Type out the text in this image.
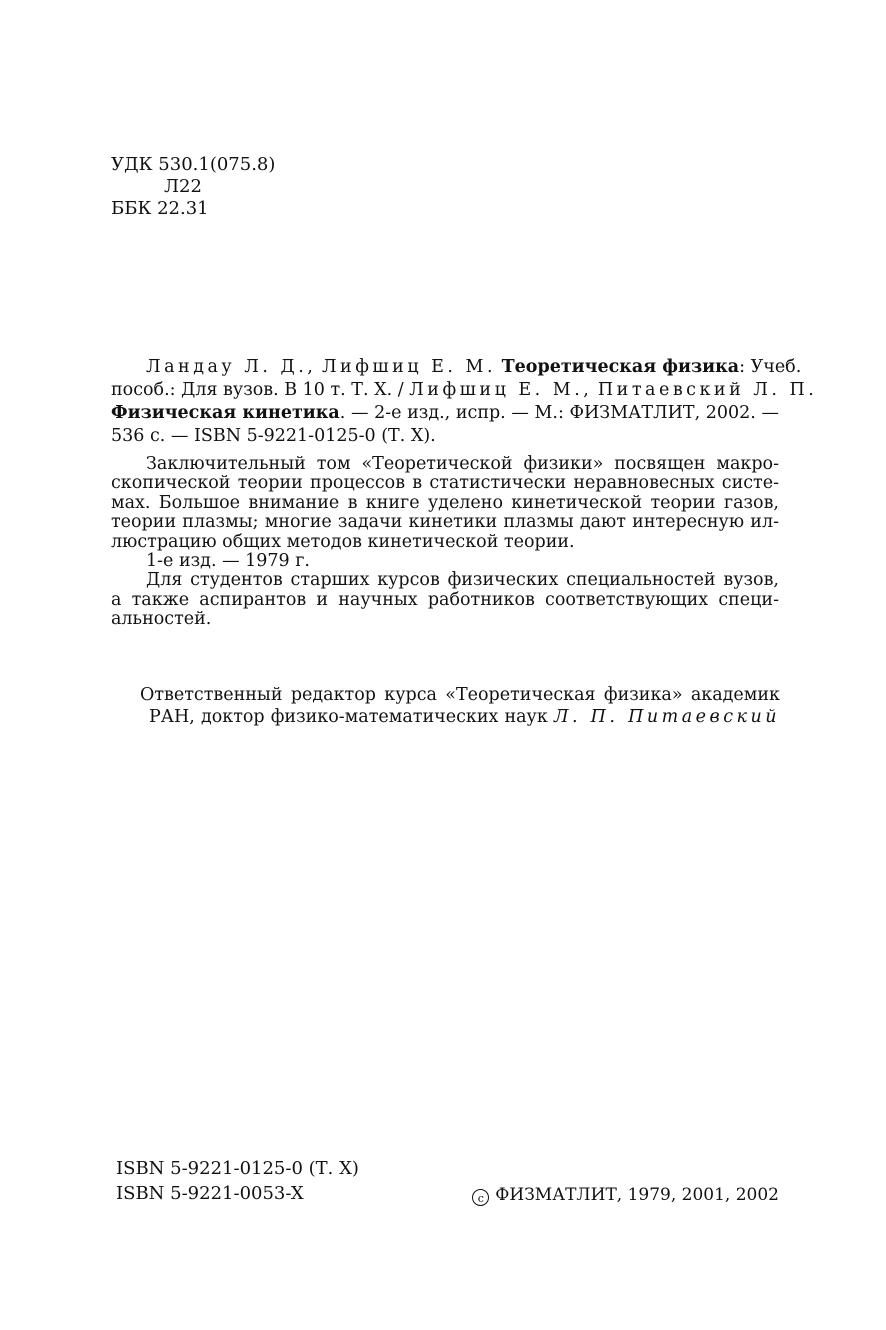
УДК 530.1(075.8)
Л22
ББК 22.31
Ландау Л. Д., Лифшиц Е. М. Теоретическая физика: Учеб.
пособ.: Для вузов. В 10 т. Т. X. / Лифшиц Е. М., Питаевский Л. П.
Физическая кинетика. — 2-е изд., испр. — М.: ФИЗМАТЛИТ, 2002. —
536 с. — ISBN 5-9221-0125-0 (Т. X).
Заключительный том «Теоретической физики» посвящен макро-
скопической теории процессов в статистически неравновесных систе-
мах. Большое внимание в книге уделено кинетической теории газов,
теории плазмы; многие задачи кинетики плазмы дают интересную ил-
люстрацию общих методов кинетической теории.
1-е изд. — 1979 г.
Для студентов старших курсов физических специальностей вузов,
а также аспирантов и научных работников соответствующих специ-
альностей.
Ответственный редактор курса «Теоретическая физика» академик
РАН, доктор физико-математических наук Л. П. Питаевский
ISBN 5-9221-0125-0 (Т. X)
ISBN 5-9221-0053-X	c ФИЗМАТЛИТ, 1979, 2001, 2002
